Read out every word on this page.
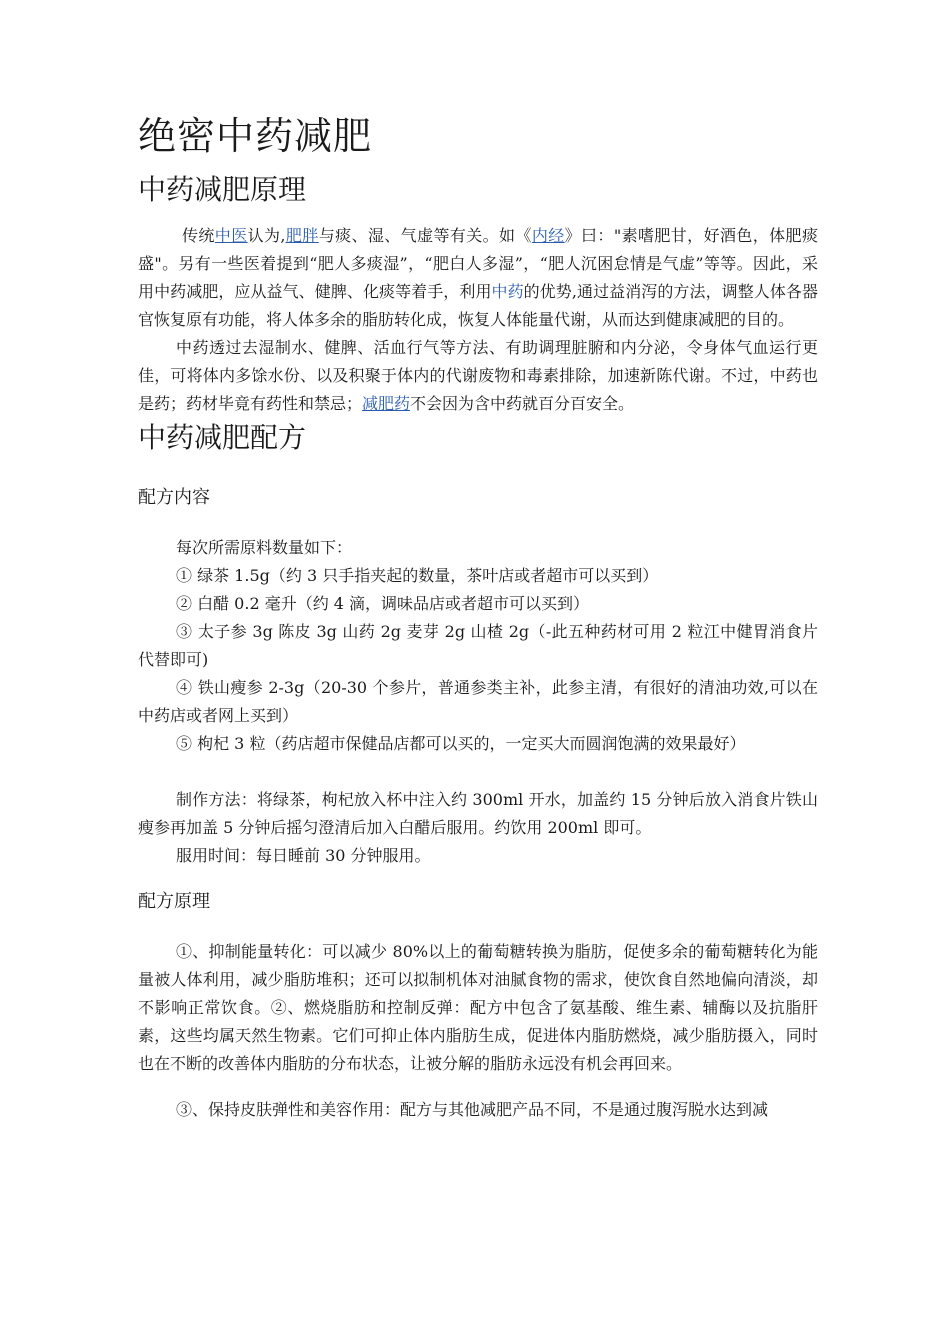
绝密中药减肥
中药减肥原理

传统中医认为,肥胖与痰、湿、气虚等有关。如《内经》曰："素嗜肥甘，好酒色，体肥痰盛"。另有一些医着提到“肥人多痰湿”，“肥白人多湿”，“肥人沉困怠情是气虚”等等。因此，采用中药减肥，应从益气、健脾、化痰等着手，利用中药的优势,通过益消泻的方法，调整人体各器官恢复原有功能，将人体多余的脂肪转化成，恢复人体能量代谢，从而达到健康减肥的目的。

中药透过去湿制水、健脾、活血行气等方法、有助调理脏腑和内分泌，令身体气血运行更佳，可将体内多馀水份、以及积聚于体内的代谢废物和毒素排除，加速新陈代谢。不过，中药也是药；药材毕竟有药性和禁忌；减肥药不会因为含中药就百分百安全。

中药减肥配方
配方内容

每次所需原料数量如下：

① 绿茶 1.5g（约 3 只手指夹起的数量，茶叶店或者超市可以买到）

② 白醋 0.2 毫升（约 4 滴，调味品店或者超市可以买到）

③ 太子参 3g 陈皮 3g 山药 2g 麦芽 2g 山楂 2g（-此五种药材可用 2 粒江中健胃消食片代替即可)

④ 铁山瘦参 2-3g（20-30 个参片，普通参类主补，此参主清，有很好的清油功效,可以在中药店或者网上买到）

⑤ 枸杞 3 粒（药店超市保健品店都可以买的，一定买大而圆润饱满的效果最好）

制作方法：将绿茶，枸杞放入杯中注入约 300ml 开水，加盖约 15 分钟后放入消食片铁山瘦参再加盖 5 分钟后摇匀澄清后加入白醋后服用。约饮用 200ml 即可。

服用时间：每日睡前 30 分钟服用。

配方原理

①、抑制能量转化：可以减少 80%以上的葡萄糖转换为脂肪，促使多余的葡萄糖转化为能量被人体利用，减少脂肪堆积；还可以拟制机体对油腻食物的需求，使饮食自然地偏向清淡，却不影响正常饮食。②、燃烧脂肪和控制反弹：配方中包含了氨基酸、维生素、辅酶以及抗脂肝素，这些均属天然生物素。它们可抑止体内脂肪生成，促进体内脂肪燃烧，减少脂肪摄入，同时也在不断的改善体内脂肪的分布状态，让被分解的脂肪永远没有机会再回来。

③、保持皮肤弹性和美容作用：配方与其他减肥产品不同，不是通过腹泻脱水达到减
